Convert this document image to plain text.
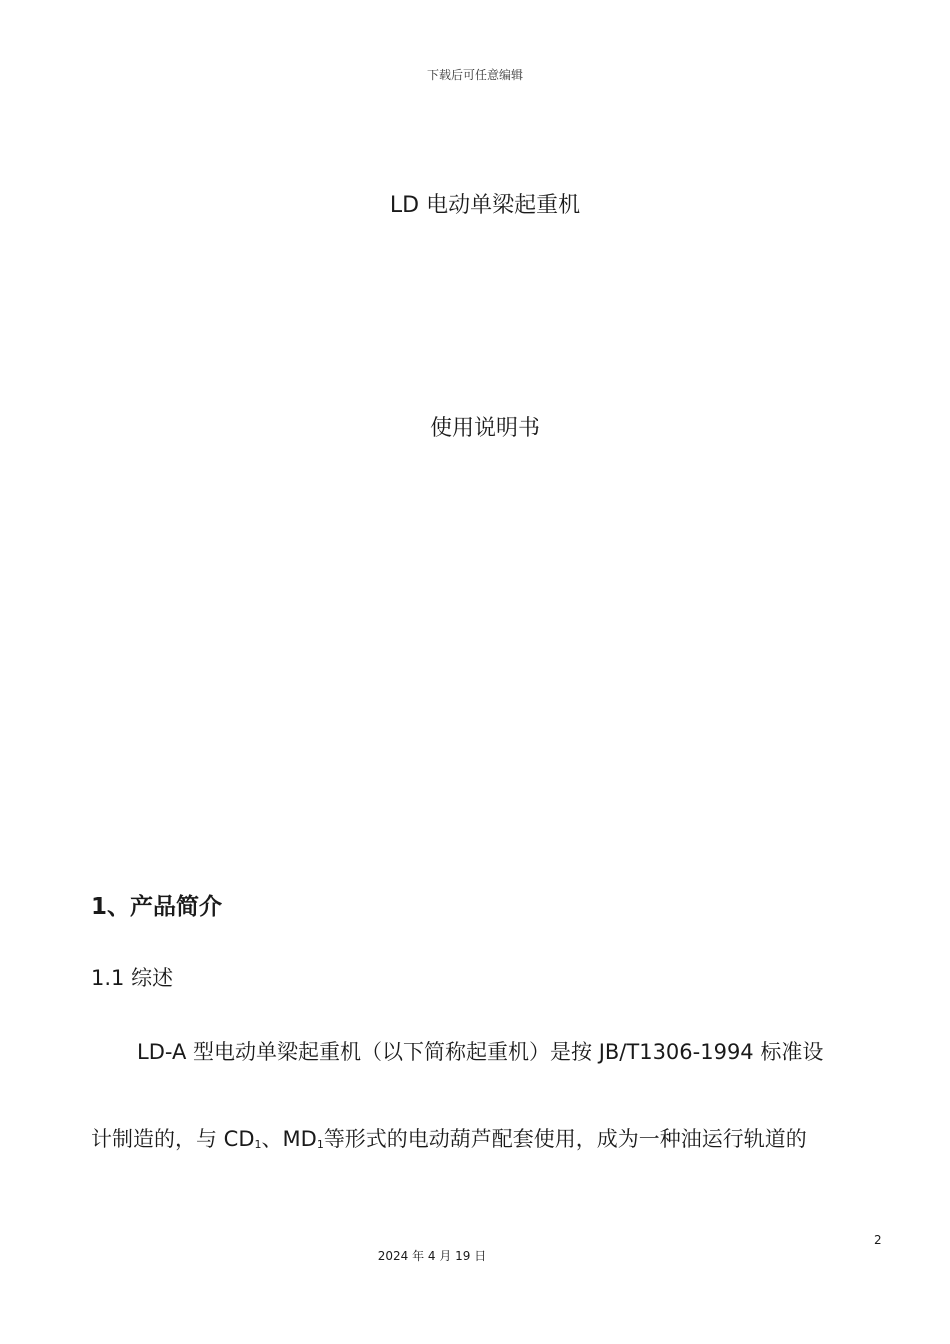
下载后可任意编辑
LD 电动单梁起重机
使用说明书
1、产品简介
1.1 综述
LD-A 型电动单梁起重机（以下简称起重机）是按 JB/T1306-1994 标准设
计制造的，与 $CD_1$、$MD_1$等形式的电动葫芦配套使用，成为一种油运行轨道的
2
2024 年 4 月 19 日
